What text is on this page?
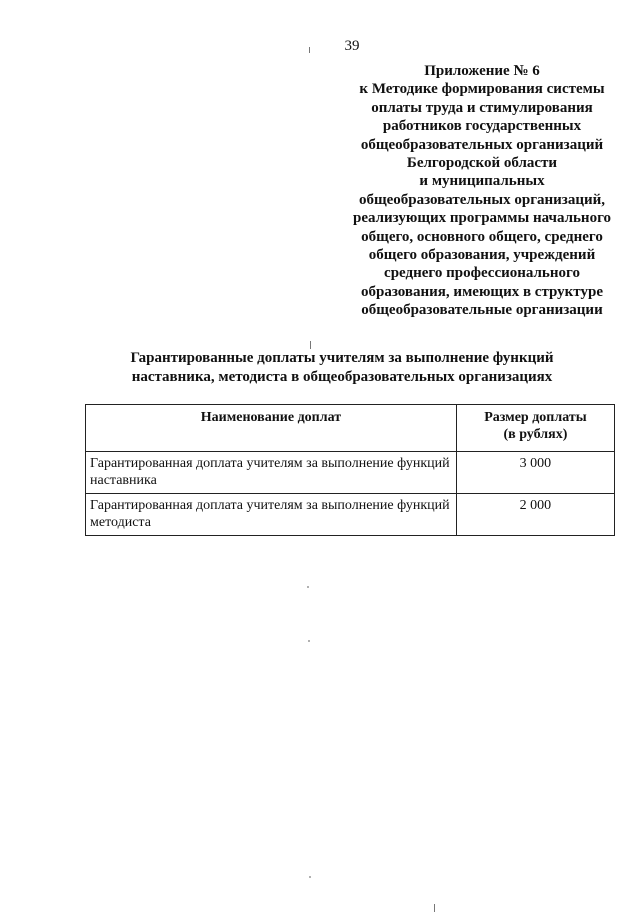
39
Приложение № 6
к Методике формирования системы
оплаты труда и стимулирования
работников государственных
общеобразовательных организаций
Белгородской области
и муниципальных
общеобразовательных организаций,
реализующих программы начального
общего, основного общего, среднего
общего образования, учреждений
среднего профессионального
образования, имеющих в структуре
общеобразовательные организации
Гарантированные доплаты учителям за выполнение функций
наставника, методиста в общеобразовательных организациях
Наименование доплат	Размер доплаты
(в рублях)
Гарантированная доплата учителям за выполнение функций наставника	3 000
Гарантированная доплата учителям за выполнение функций методиста	2 000
